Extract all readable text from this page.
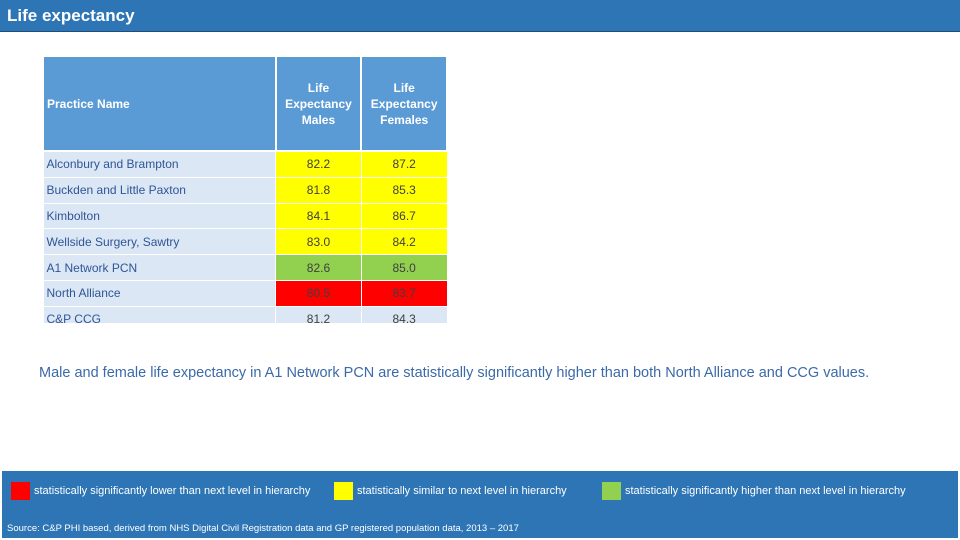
Life expectancy
Practice Name	Life Expectancy Males	Life Expectancy Females
Alconbury and Brampton	82.2	87.2
Buckden and Little Paxton	81.8	85.3
Kimbolton	84.1	86.7
Wellside Surgery, Sawtry	83.0	84.2
A1 Network PCN	82.6	85.0
North Alliance	80.5	83.7
C&P CCG	81.2	84.3
Male and female life expectancy in A1 Network PCN are statistically significantly higher than both North Alliance and CCG values.
statistically significantly lower than next level in hierarchy	statistically similar to next level in hierarchy	statistically significantly higher than next level in hierarchy
Source: C&P PHI based, derived from NHS Digital Civil Registration data and GP registered population data, 2013 – 2017
